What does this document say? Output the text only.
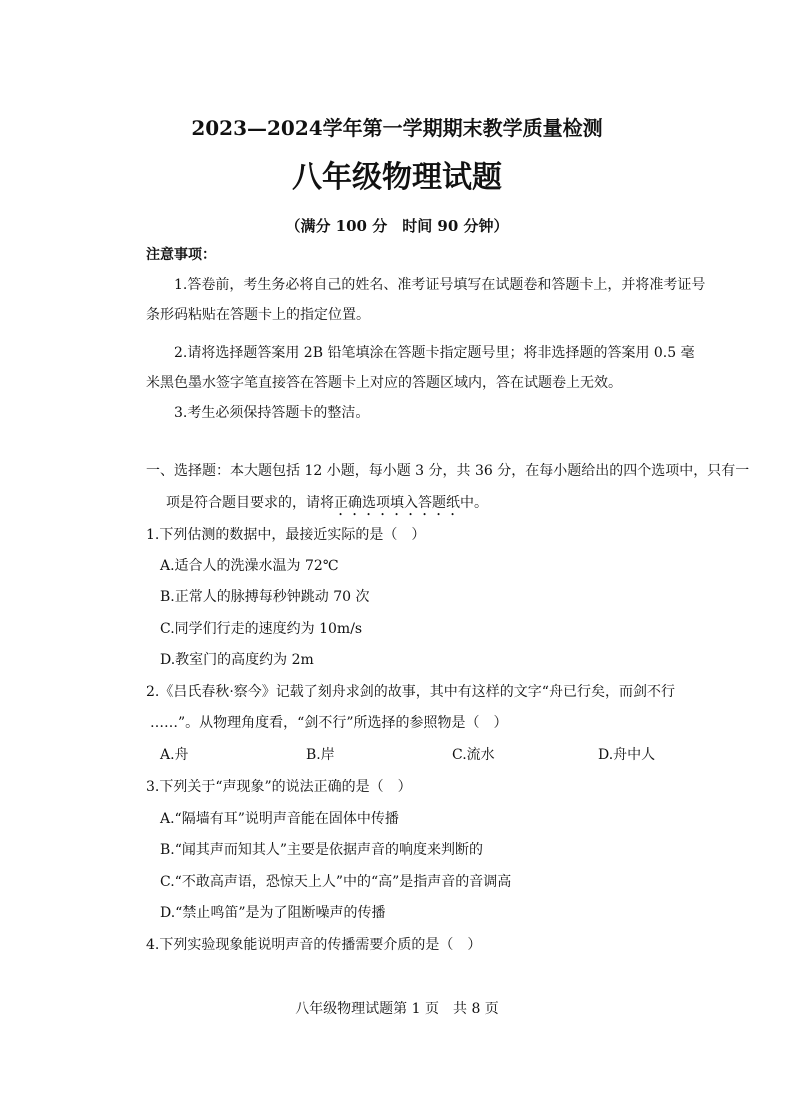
2023—2024学年第一学期期末教学质量检测
八年级物理试题
（满分 100 分　时间 90 分钟）
注意事项：
1.答卷前，考生务必将自己的姓名、准考证号填写在试题卷和答题卡上，并将准考证号
条形码粘贴在答题卡上的指定位置。
2.请将选择题答案用 2B 铅笔填涂在答题卡指定题号里；将非选择题的答案用 0.5 毫
米黑色墨水签字笔直接答在答题卡上对应的答题区域内，答在试题卷上无效。
3.考生必须保持答题卡的整洁。
一、选择题：本大题包括 12 小题，每小题 3 分，共 36 分，在每小题给出的四个选项中，只有一
项是符合题目要求的，请将正确选项填入答题纸中。
1.下列估测的数据中，最接近实际的是（　）
A.适合人的洗澡水温为 72℃
B.正常人的脉搏每秒钟跳动 70 次
C.同学们行走的速度约为 10m/s
D.教室门的高度约为 2m
2.《吕氏春秋·察今》记载了刻舟求剑的故事，其中有这样的文字“舟已行矣，而剑不行
……”。从物理角度看，“剑不行”所选择的参照物是（　）
A.舟	B.岸	C.流水	D.舟中人
3.下列关于“声现象”的说法正确的是（　）
A.“隔墙有耳”说明声音能在固体中传播
B.“闻其声而知其人”主要是依据声音的响度来判断的
C.“不敢高声语，恐惊天上人”中的“高”是指声音的音调高
D.“禁止鸣笛”是为了阻断噪声的传播
4.下列实验现象能说明声音的传播需要介质的是（　）
八年级物理试题第 1 页　共 8 页
